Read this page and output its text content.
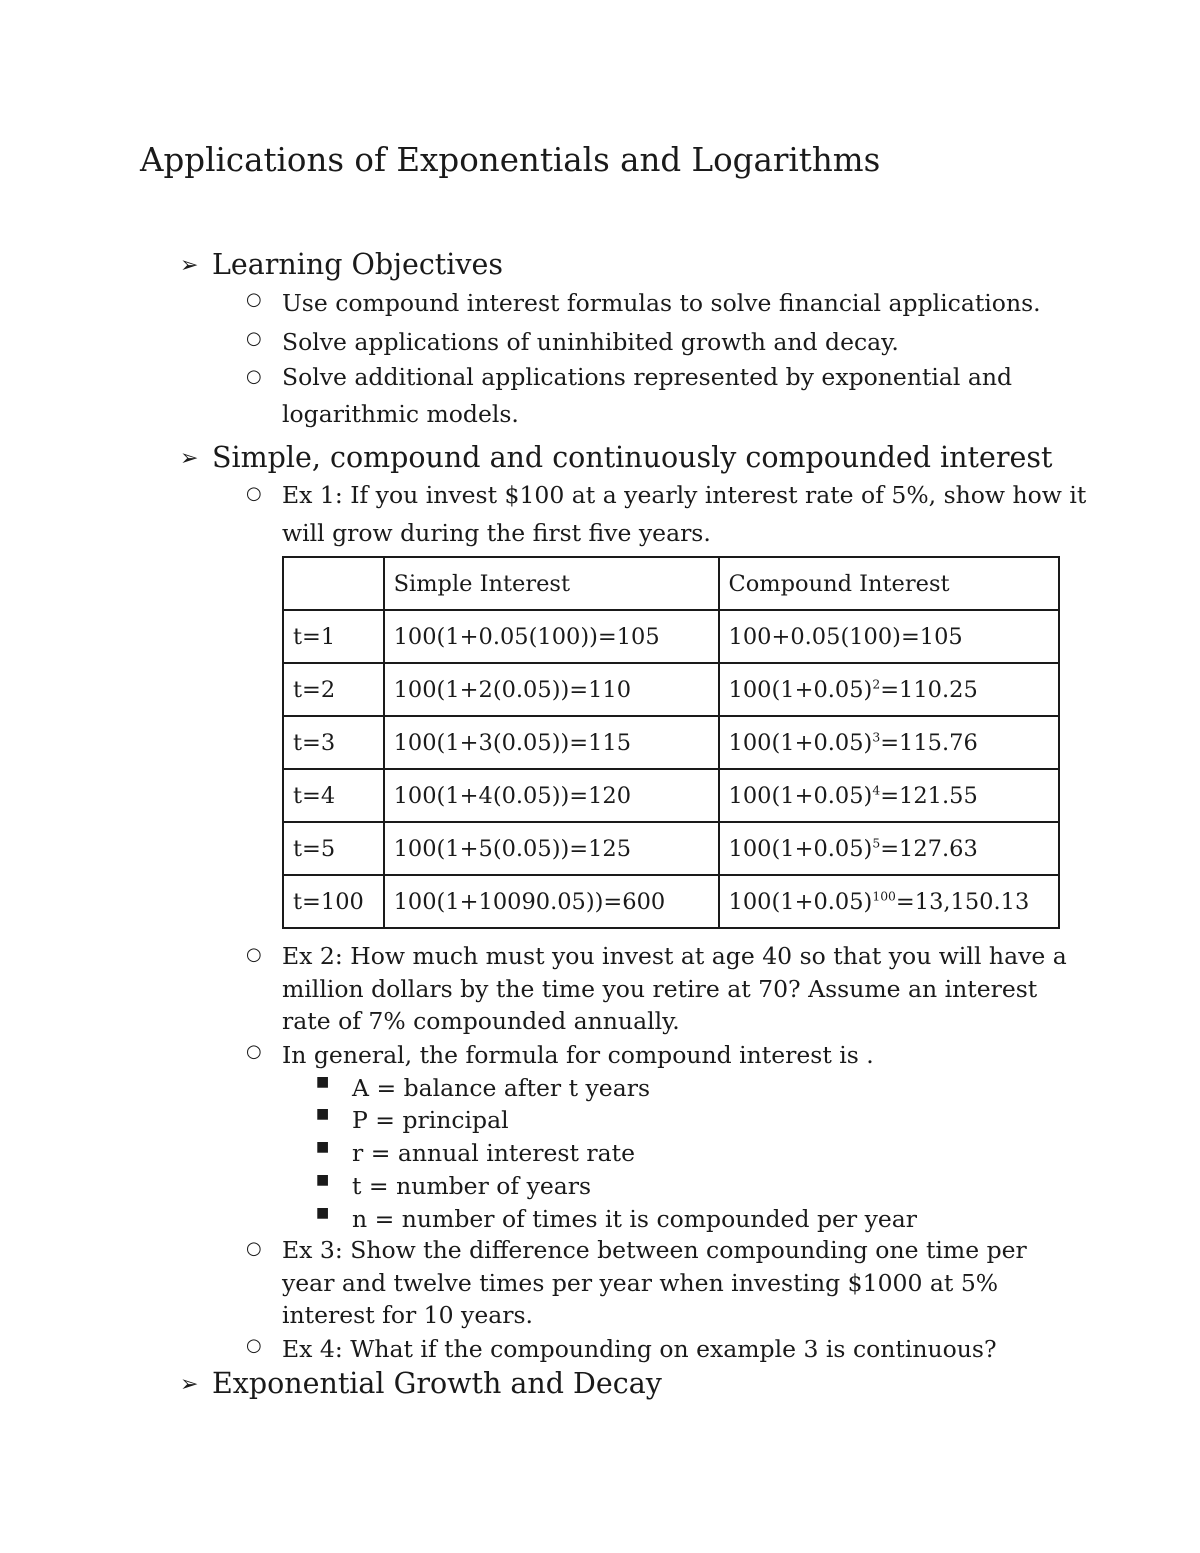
Applications of Exponentials and Logarithms
➢ Learning Objectives
○ Use compound interest formulas to solve financial applications.
○ Solve applications of uninhibited growth and decay.
○ Solve additional applications represented by exponential and
logarithmic models.
➢ Simple, compound and continuously compounded interest
○ Ex 1: If you invest $100 at a yearly interest rate of 5%, show how it
will grow during the first five years.
	Simple Interest	Compound Interest
t=1	100(1+0.05(100))=105	100+0.05(100)=105
t=2	100(1+2(0.05))=110	$100(1+0.05)^2=110.25$
t=3	100(1+3(0.05))=115	$100(1+0.05)^3=115.76$
t=4	100(1+4(0.05))=120	$100(1+0.05)^4=121.55$
t=5	100(1+5(0.05))=125	$100(1+0.05)^5=127.63$
t=100	100(1+10090.05))=600	$100(1+0.05)^{100}=13,150.13$
○ Ex 2: How much must you invest at age 40 so that you will have a
million dollars by the time you retire at 70? Assume an interest
rate of 7% compounded annually.
○ In general, the formula for compound interest is .
■ A = balance after t years
■ P = principal
■ r = annual interest rate
■ t = number of years
■ n = number of times it is compounded per year
○ Ex 3: Show the difference between compounding one time per
year and twelve times per year when investing $1000 at 5%
interest for 10 years.
○ Ex 4: What if the compounding on example 3 is continuous?
➢ Exponential Growth and Decay
